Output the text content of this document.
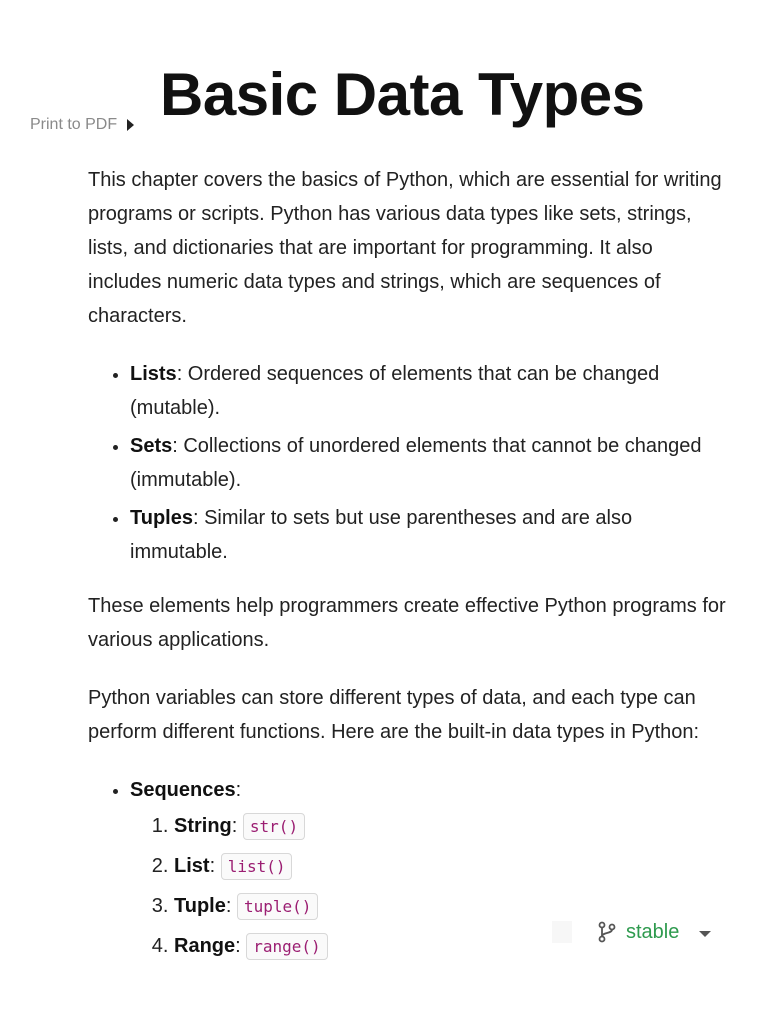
Print to PDF Basic Data Types

This chapter covers the basics of Python, which are essential for writing programs or scripts. Python has various data types like sets, strings, lists, and dictionaries that are important for programming. It also includes numeric data types and strings, which are sequences of characters.

• Lists: Ordered sequences of elements that can be changed (mutable).
• Sets: Collections of unordered elements that cannot be changed (immutable).
• Tuples: Similar to sets but use parentheses and are also immutable.

These elements help programmers create effective Python programs for various applications.

Python variables can store different types of data, and each type can perform different functions. Here are the built-in data types in Python:

• Sequences:
1. String: str()
2. List: list()
3. Tuple: tuple()
4. Range: range()
stable
